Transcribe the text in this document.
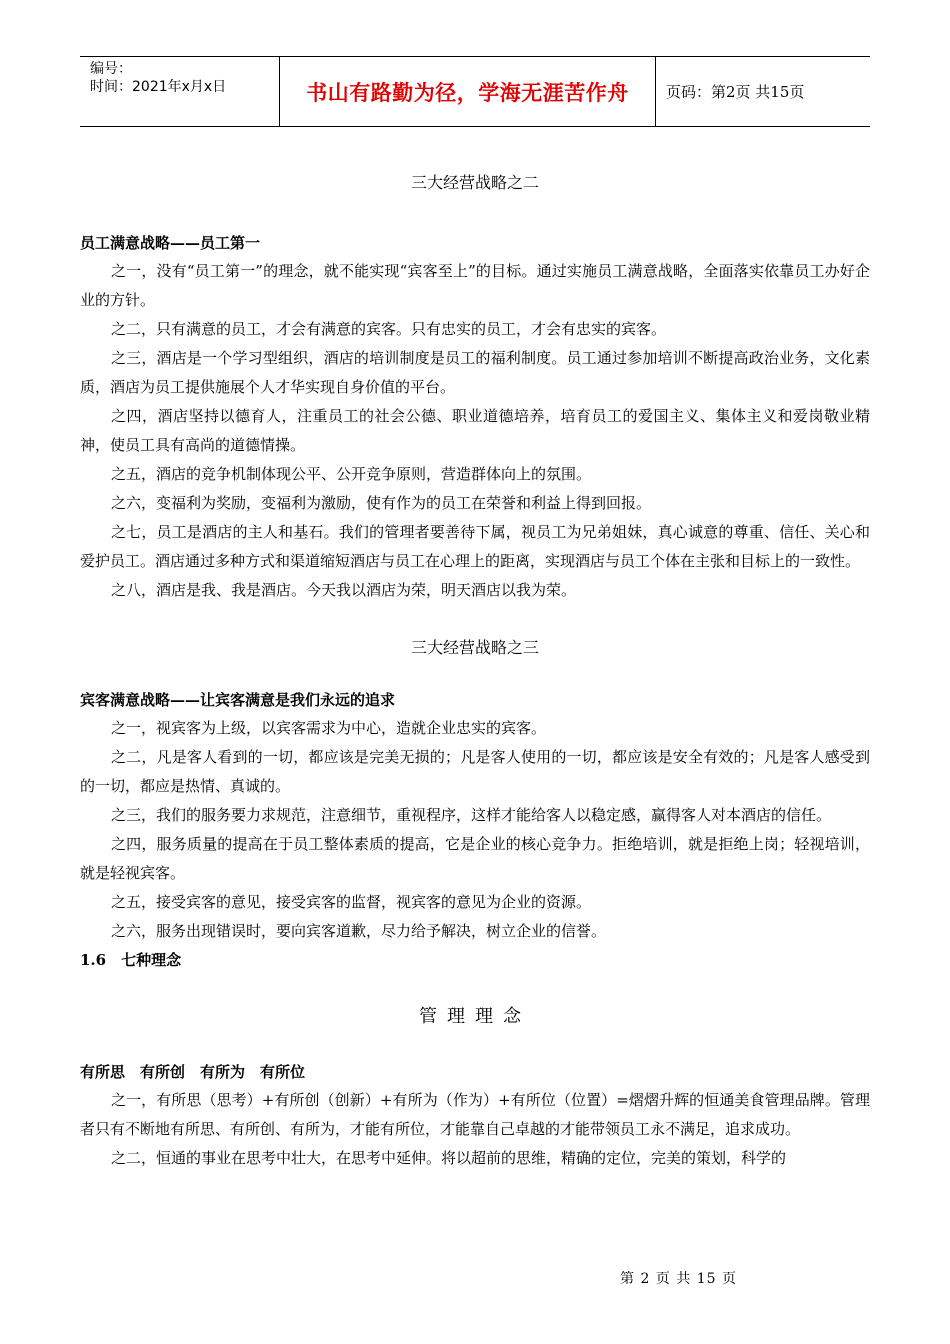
编号：
时间：2021年x月x日	书山有路勤为径，学海无涯苦作舟	页码：第2页 共15页

三大经营战略之二

员工满意战略——员工第一

之一，没有“员工第一”的理念，就不能实现“宾客至上”的目标。通过实施员工满意战略，全面落实依靠员工办好企业的方针。

之二，只有满意的员工，才会有满意的宾客。只有忠实的员工，才会有忠实的宾客。

之三，酒店是一个学习型组织，酒店的培训制度是员工的福利制度。员工通过参加培训不断提高政治业务，文化素质，酒店为员工提供施展个人才华实现自身价值的平台。

之四，酒店坚持以德育人，注重员工的社会公德、职业道德培养，培育员工的爱国主义、集体主义和爱岗敬业精神，使员工具有高尚的道德情操。

之五，酒店的竞争机制体现公平、公开竞争原则，营造群体向上的氛围。

之六，变福利为奖励，变福利为激励，使有作为的员工在荣誉和利益上得到回报。

之七，员工是酒店的主人和基石。我们的管理者要善待下属，视员工为兄弟姐妹，真心诚意的尊重、信任、关心和爱护员工。酒店通过多种方式和渠道缩短酒店与员工在心理上的距离，实现酒店与员工个体在主张和目标上的一致性。

之八，酒店是我、我是酒店。今天我以酒店为荣，明天酒店以我为荣。

三大经营战略之三

宾客满意战略——让宾客满意是我们永远的追求

之一，视宾客为上级，以宾客需求为中心，造就企业忠实的宾客。

之二，凡是客人看到的一切，都应该是完美无损的；凡是客人使用的一切，都应该是安全有效的；凡是客人感受到的一切，都应是热情、真诚的。

之三，我们的服务要力求规范，注意细节，重视程序，这样才能给客人以稳定感，赢得客人对本酒店的信任。

之四，服务质量的提高在于员工整体素质的提高，它是企业的核心竞争力。拒绝培训，就是拒绝上岗；轻视培训，就是轻视宾客。

之五，接受宾客的意见，接受宾客的监督，视宾客的意见为企业的资源。

之六，服务出现错误时，要向宾客道歉，尽力给予解决，树立企业的信誉。

1.6　七种理念

管理理念

有所思　有所创　有所为　有所位

之一，有所思（思考）+有所创（创新）+有所为（作为）+有所位（位置）=熠熠升辉的恒通美食管理品牌。管理者只有不断地有所思、有所创、有所为，才能有所位，才能靠自己卓越的才能带领员工永不满足，追求成功。

之二，恒通的事业在思考中壮大，在思考中延伸。将以超前的思维，精确的定位，完美的策划，科学的

第 2 页 共 15 页
